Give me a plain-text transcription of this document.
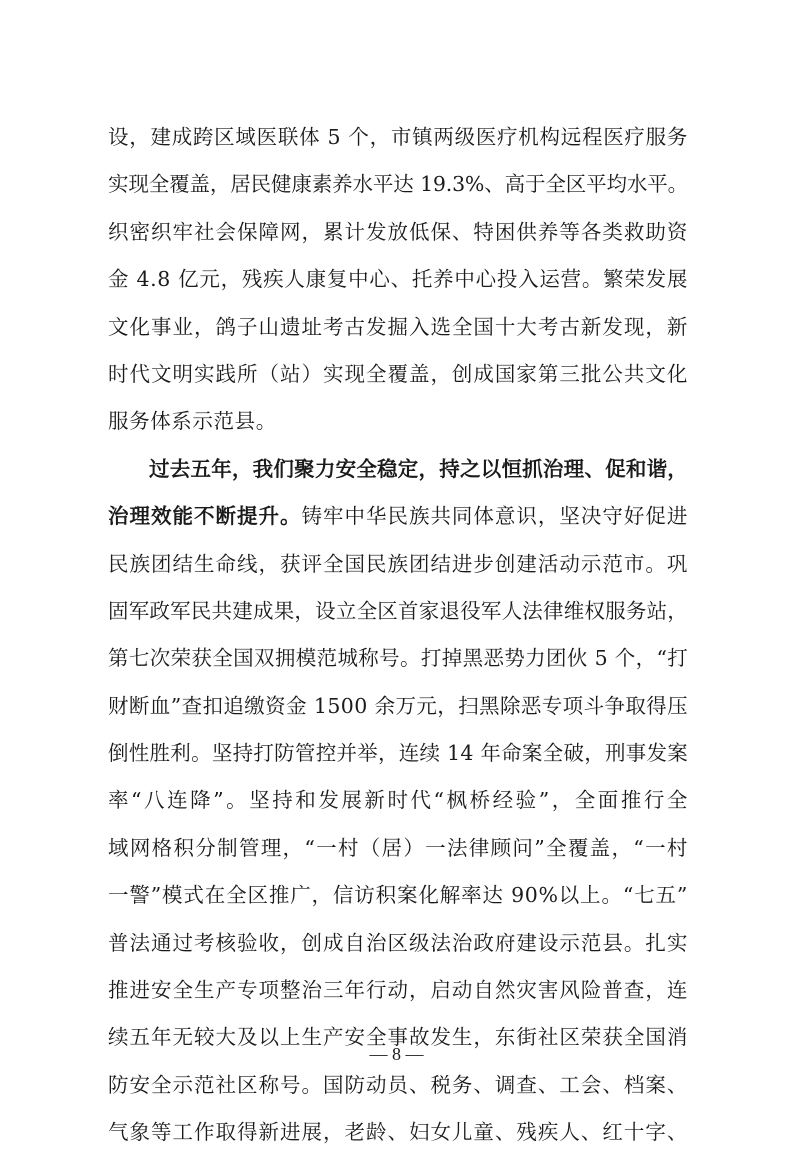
设，建成跨区域医联体 5 个，市镇两级医疗机构远程医疗服务
实现全覆盖，居民健康素养水平达 19.3%、高于全区平均水平。
织密织牢社会保障网，累计发放低保、特困供养等各类救助资
金 4.8 亿元，残疾人康复中心、托养中心投入运营。繁荣发展
文化事业，鸽子山遗址考古发掘入选全国十大考古新发现，新
时代文明实践所（站）实现全覆盖，创成国家第三批公共文化
服务体系示范县。
过去五年，我们聚力安全稳定，持之以恒抓治理、促和谐，
治理效能不断提升。铸牢中华民族共同体意识，坚决守好促进
民族团结生命线，获评全国民族团结进步创建活动示范市。巩
固军政军民共建成果，设立全区首家退役军人法律维权服务站，
第七次荣获全国双拥模范城称号。打掉黑恶势力团伙 5 个，“打
财断血”查扣追缴资金 1500 余万元，扫黑除恶专项斗争取得压
倒性胜利。坚持打防管控并举，连续 14 年命案全破，刑事发案
率“八连降”。坚持和发展新时代“枫桥经验”，全面推行全
域网格积分制管理，“一村（居）一法律顾问”全覆盖，“一村
一警”模式在全区推广，信访积案化解率达 90%以上。“七五”
普法通过考核验收，创成自治区级法治政府建设示范县。扎实
推进安全生产专项整治三年行动，启动自然灾害风险普查，连
续五年无较大及以上生产安全事故发生，东街社区荣获全国消
防安全示范社区称号。国防动员、税务、调查、工会、档案、
气象等工作取得新进展，老龄、妇女儿童、残疾人、红十字、
— 8 —
